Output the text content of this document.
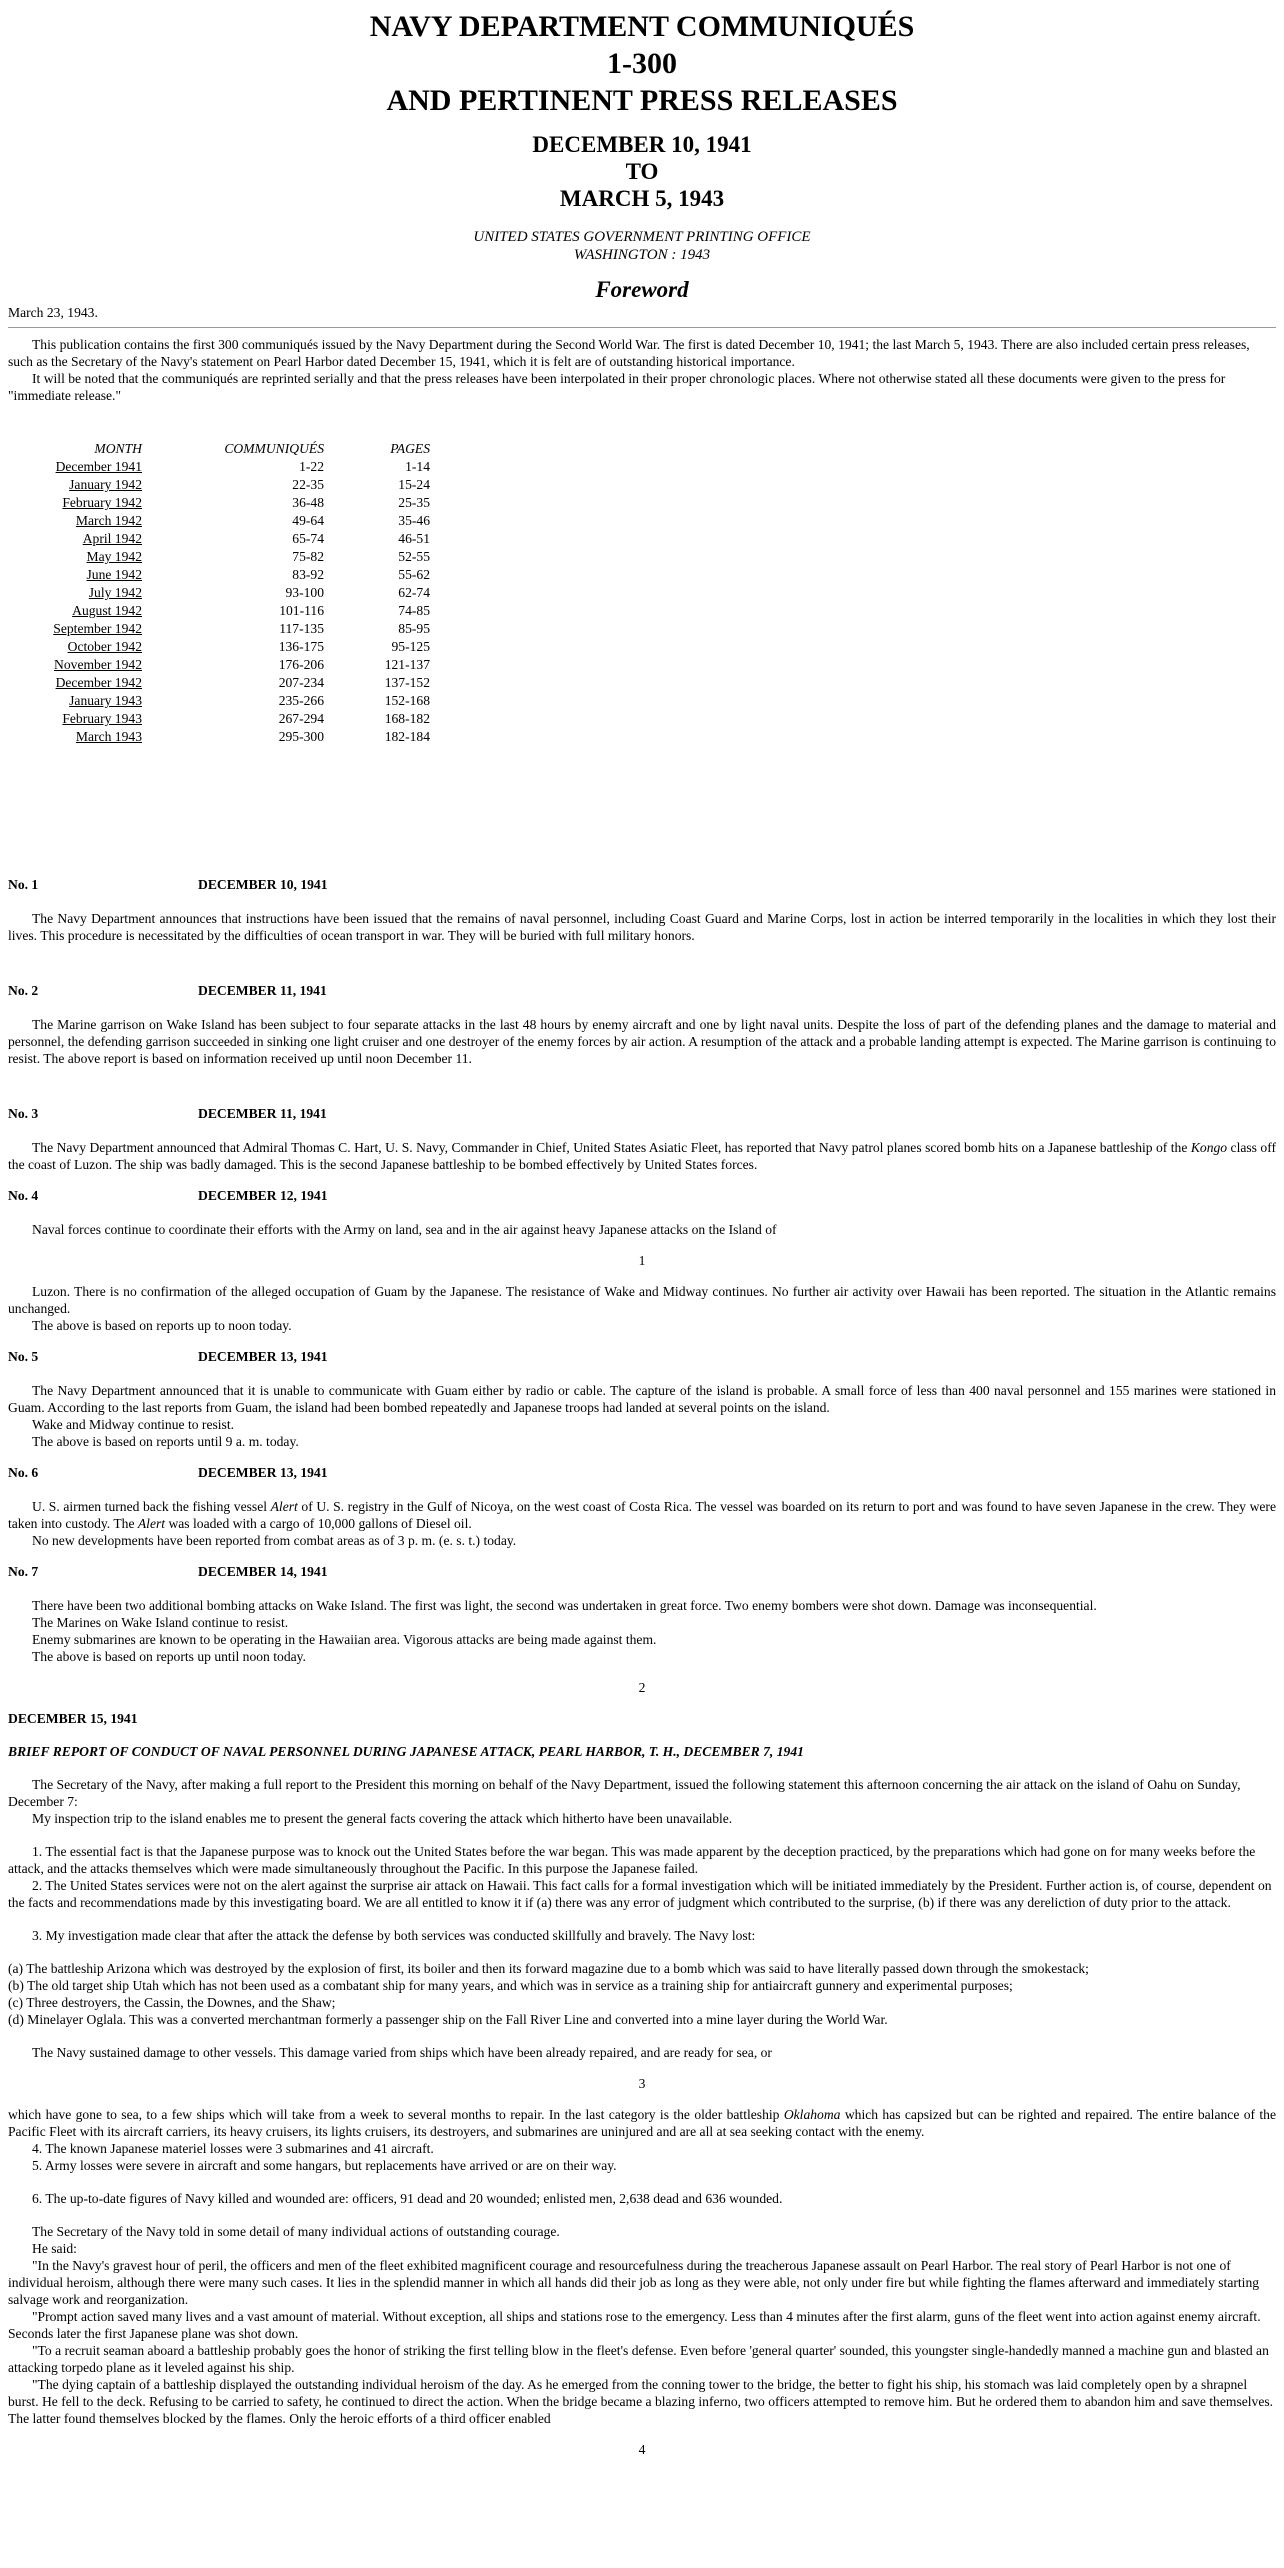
NAVY DEPARTMENT COMMUNIQUÉS
1-300
AND PERTINENT PRESS RELEASES
DECEMBER 10, 1941
TO
MARCH 5, 1943
UNITED STATES GOVERNMENT PRINTING OFFICE
WASHINGTON : 1943
Foreword

March 23, 1943.

This publication contains the first 300 communiqués issued by the Navy Department during the Second World War. The first is dated December 10, 1941; the last March 5, 1943. There are also included certain press releases, such as the Secretary of the Navy's statement on Pearl Harbor dated December 15, 1941, which it is felt are of outstanding historical importance.

It will be noted that the communiqués are reprinted serially and that the press releases have been interpolated in their proper chronologic places. Where not otherwise stated all these documents were given to the press for "immediate release."

MONTH	COMMUNIQUÉS	PAGES
December 1941	1-22	1-14
January 1942	22-35	15-24
February 1942	36-48	25-35
March 1942	49-64	35-46
April 1942	65-74	46-51
May 1942	75-82	52-55
June 1942	83-92	55-62
July 1942	93-100	62-74
August 1942	101-116	74-85
September 1942	117-135	85-95
October 1942	136-175	95-125
November 1942	176-206	121-137
December 1942	207-234	137-152
January 1943	235-266	152-168
February 1943	267-294	168-182
March 1943	295-300	182-184
No. 1	DECEMBER 10, 1941

The Navy Department announces that instructions have been issued that the remains of naval personnel, including Coast Guard and Marine Corps, lost in action be interred temporarily in the localities in which they lost their lives. This procedure is necessitated by the difficulties of ocean transport in war. They will be buried with full military honors.

No. 2	DECEMBER 11, 1941

The Marine garrison on Wake Island has been subject to four separate attacks in the last 48 hours by enemy aircraft and one by light naval units. Despite the loss of part of the defending planes and the damage to material and personnel, the defending garrison succeeded in sinking one light cruiser and one destroyer of the enemy forces by air action. A resumption of the attack and a probable landing attempt is expected. The Marine garrison is continuing to resist. The above report is based on information received up until noon December 11.

No. 3	DECEMBER 11, 1941

The Navy Department announced that Admiral Thomas C. Hart, U. S. Navy, Commander in Chief, United States Asiatic Fleet, has reported that Navy patrol planes scored bomb hits on a Japanese battleship of the Kongo class off the coast of Luzon. The ship was badly damaged. This is the second Japanese battleship to be bombed effectively by United States forces.

No. 4	DECEMBER 12, 1941

Naval forces continue to coordinate their efforts with the Army on land, sea and in the air against heavy Japanese attacks on the Island of

1

Luzon. There is no confirmation of the alleged occupation of Guam by the Japanese. The resistance of Wake and Midway continues. No further air activity over Hawaii has been reported. The situation in the Atlantic remains unchanged.

The above is based on reports up to noon today.

No. 5	DECEMBER 13, 1941

The Navy Department announced that it is unable to communicate with Guam either by radio or cable. The capture of the island is probable. A small force of less than 400 naval personnel and 155 marines were stationed in Guam. According to the last reports from Guam, the island had been bombed repeatedly and Japanese troops had landed at several points on the island.

Wake and Midway continue to resist.

The above is based on reports until 9 a. m. today.

No. 6	DECEMBER 13, 1941

U. S. airmen turned back the fishing vessel Alert of U. S. registry in the Gulf of Nicoya, on the west coast of Costa Rica. The vessel was boarded on its return to port and was found to have seven Japanese in the crew. They were taken into custody. The Alert was loaded with a cargo of 10,000 gallons of Diesel oil.

No new developments have been reported from combat areas as of 3 p. m. (e. s. t.) today.

No. 7	DECEMBER 14, 1941

There have been two additional bombing attacks on Wake Island. The first was light, the second was undertaken in great force. Two enemy bombers were shot down. Damage was inconsequential.

The Marines on Wake Island continue to resist.

Enemy submarines are known to be operating in the Hawaiian area. Vigorous attacks are being made against them.

The above is based on reports up until noon today.

2

DECEMBER 15, 1941

BRIEF REPORT OF CONDUCT OF NAVAL PERSONNEL DURING JAPANESE ATTACK, PEARL HARBOR, T. H., DECEMBER 7, 1941

The Secretary of the Navy, after making a full report to the President this morning on behalf of the Navy Department, issued the following statement this afternoon concerning the air attack on the island of Oahu on Sunday, December 7:

My inspection trip to the island enables me to present the general facts covering the attack which hitherto have been unavailable.

1. The essential fact is that the Japanese purpose was to knock out the United States before the war began. This was made apparent by the deception practiced, by the preparations which had gone on for many weeks before the attack, and the attacks themselves which were made simultaneously throughout the Pacific. In this purpose the Japanese failed.

2. The United States services were not on the alert against the surprise air attack on Hawaii. This fact calls for a formal investigation which will be initiated immediately by the President. Further action is, of course, dependent on the facts and recommendations made by this investigating board. We are all entitled to know it if (a) there was any error of judgment which contributed to the surprise, (b) if there was any dereliction of duty prior to the attack.

3. My investigation made clear that after the attack the defense by both services was conducted skillfully and bravely. The Navy lost:

(a) The battleship Arizona which was destroyed by the explosion of first, its boiler and then its forward magazine due to a bomb which was said to have literally passed down through the smokestack;

(b) The old target ship Utah which has not been used as a combatant ship for many years, and which was in service as a training ship for antiaircraft gunnery and experimental purposes;

(c) Three destroyers, the Cassin, the Downes, and the Shaw;

(d) Minelayer Oglala. This was a converted merchantman formerly a passenger ship on the Fall River Line and converted into a mine layer during the World War.

The Navy sustained damage to other vessels. This damage varied from ships which have been already repaired, and are ready for sea, or

3

which have gone to sea, to a few ships which will take from a week to several months to repair. In the last category is the older battleship Oklahoma which has capsized but can be righted and repaired. The entire balance of the Pacific Fleet with its aircraft carriers, its heavy cruisers, its lights cruisers, its destroyers, and submarines are uninjured and are all at sea seeking contact with the enemy.

4. The known Japanese materiel losses were 3 submarines and 41 aircraft.

5. Army losses were severe in aircraft and some hangars, but replacements have arrived or are on their way.

6. The up-to-date figures of Navy killed and wounded are: officers, 91 dead and 20 wounded; enlisted men, 2,638 dead and 636 wounded.

The Secretary of the Navy told in some detail of many individual actions of outstanding courage.

He said:

"In the Navy's gravest hour of peril, the officers and men of the fleet exhibited magnificent courage and resourcefulness during the treacherous Japanese assault on Pearl Harbor. The real story of Pearl Harbor is not one of individual heroism, although there were many such cases. It lies in the splendid manner in which all hands did their job as long as they were able, not only under fire but while fighting the flames afterward and immediately starting salvage work and reorganization.

"Prompt action saved many lives and a vast amount of material. Without exception, all ships and stations rose to the emergency. Less than 4 minutes after the first alarm, guns of the fleet went into action against enemy aircraft. Seconds later the first Japanese plane was shot down.

"To a recruit seaman aboard a battleship probably goes the honor of striking the first telling blow in the fleet's defense. Even before 'general quarter' sounded, this youngster single-handedly manned a machine gun and blasted an attacking torpedo plane as it leveled against his ship.

"The dying captain of a battleship displayed the outstanding individual heroism of the day. As he emerged from the conning tower to the bridge, the better to fight his ship, his stomach was laid completely open by a shrapnel burst. He fell to the deck. Refusing to be carried to safety, he continued to direct the action. When the bridge became a blazing inferno, two officers attempted to remove him. But he ordered them to abandon him and save themselves. The latter found themselves blocked by the flames. Only the heroic efforts of a third officer enabled

4
